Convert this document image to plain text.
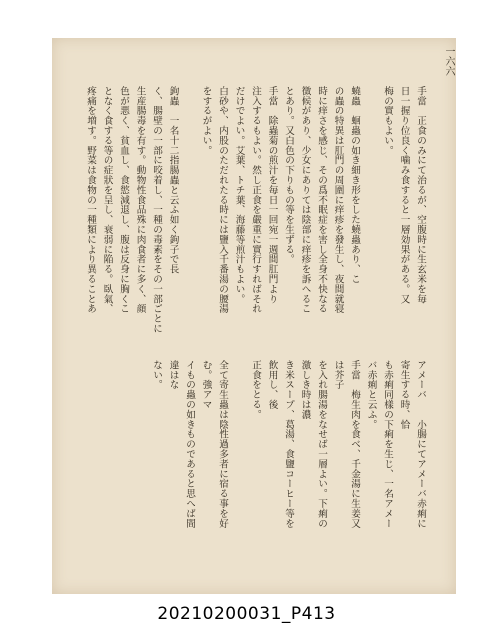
一六六
手當　正食のみにて治るが、空腹時に生玄米を毎
日一握り位良く噛み食すると一層効果がある。又
梅の實もよい。

蟯蟲　蛔蟲の如き細き形をした蟯蟲あり、こ
の蟲の特異は肛門の周圍に痒疹を發生し、夜間就寝
時に痒さを感じ、その爲不眠症を害し全身不快なる
徴候があり、少女にありては陰部に痒疹を訴へるこ
とあり。又白色の下りもの等を生ずる。
手當　除蟲菊の煎汁を毎日一回宛一週間肛門より
注入するもよい。然し正食を嚴重に實行すればそれ
だけでよい。艾葉、トチ葉、海藤等煎汁もよい。
白砂や、内股のただれたる時には鹽入千番湯の腰湯
をするがよい。

鉤蟲　一名十二指腸蟲と云ふ如く鉤子で長
く、腸壁の一部に咬着し、一種の毒素をその一部ごとに
生産腸毒を有す。動物性食品殊に肉食者に多く、顔
色が悪く、貧血し、食慾減退し、腹は反身に胸くこ
となく食する等の症狀を呈し、衰弱に陥る。臥氣、
疼痛を増す。野菜は食物の一種類により異ることあ
アメーバ　　小腸にてアメーバ赤痢に寄生する時、恰
も赤痢同樣の下痢を生じ、一名アメーバ赤痢と云ふ。
手當　梅生肉を食べ、千金湯に生姜又は芥子
を入れ腸湯をなせば一層よい。下痢の激しき時は濃
き米スープ、葛湯、食鹽コーヒー等を飲用し、後
正食をとる。

全て寄生蟲は陰性過多者に宿る事を好む。強アマ
イもの蟲の如きものであると思へば間違はな
ない。
20210200031_P413
